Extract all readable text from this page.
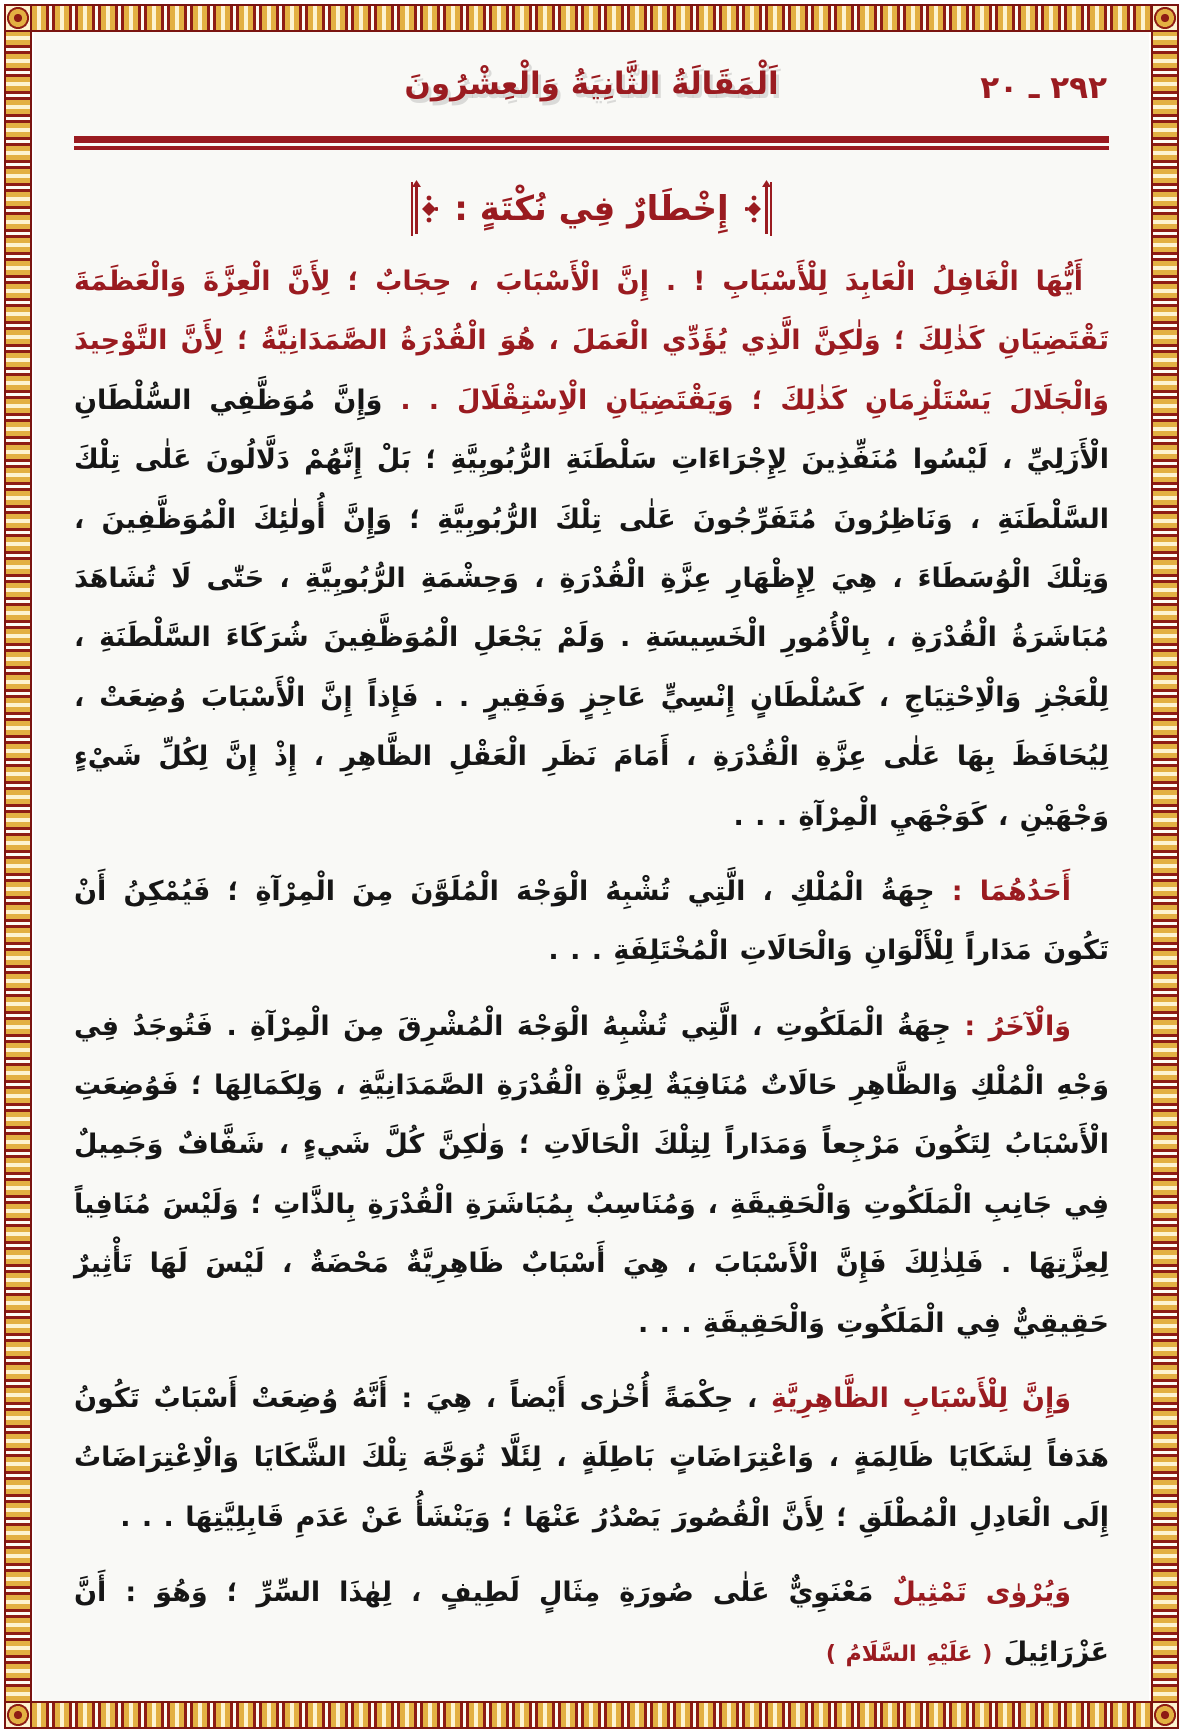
٢٩٢ ـ ٢٠
اَلْمَقَالَةُ الثَّانِيَةُ وَالْعِشْرُونَ
إِخْطَارٌ فِي نُكْتَةٍ :

أَيُّهَا الْغَافِلُ الْعَابِدَ لِلْأَسْبَابِ ! . إِنَّ الْأَسْبَابَ ، حِجَابٌ ؛ لِأَنَّ الْعِزَّةَ وَالْعَظَمَةَ تَقْتَضِيَانِ كَذٰلِكَ ؛ وَلٰكِنَّ الَّذِي يُؤَدِّي الْعَمَلَ ، هُوَ الْقُدْرَةُ الصَّمَدَانِيَّةُ ؛ لِأَنَّ التَّوْحِيدَ وَالْجَلَالَ يَسْتَلْزِمَانِ كَذٰلِكَ ؛ وَيَقْتَضِيَانِ الْاِسْتِقْلَالَ . . وَإِنَّ مُوَظَّفِي السُّلْطَانِ الْأَزَلِيِّ ، لَيْسُوا مُنَفِّذِينَ لِإِجْرَاءَاتِ سَلْطَنَةِ الرُّبُوبِيَّةِ ؛ بَلْ إِنَّهُمْ دَلَّالُونَ عَلٰى تِلْكَ السَّلْطَنَةِ ، وَنَاظِرُونَ مُتَفَرِّجُونَ عَلٰى تِلْكَ الرُّبُوبِيَّةِ ؛ وَإِنَّ أُولٰئِكَ الْمُوَظَّفِينَ ، وَتِلْكَ الْوُسَطَاءَ ، هِيَ لِإِظْهَارِ عِزَّةِ الْقُدْرَةِ ، وَحِشْمَةِ الرُّبُوبِيَّةِ ، حَتّٰى لَا تُشَاهَدَ مُبَاشَرَةُ الْقُدْرَةِ ، بِالْأُمُورِ الْخَسِيسَةِ . وَلَمْ يَجْعَلِ الْمُوَظَّفِينَ شُرَكَاءَ السَّلْطَنَةِ ، لِلْعَجْزِ وَالْاِحْتِيَاجِ ، كَسُلْطَانٍ إِنْسِيٍّ عَاجِزٍ وَفَقِيرٍ . . فَإِذاً إِنَّ الْأَسْبَابَ وُضِعَتْ ، لِيُحَافَظَ بِهَا عَلٰى عِزَّةِ الْقُدْرَةِ ، أَمَامَ نَظَرِ الْعَقْلِ الظَّاهِرِ ، إِذْ إِنَّ لِكُلِّ شَيْءٍ وَجْهَيْنِ ، كَوَجْهَيِ الْمِرْآةِ . . .

أَحَدُهُمَا : جِهَةُ الْمُلْكِ ، الَّتِي تُشْبِهُ الْوَجْهَ الْمُلَوَّنَ مِنَ الْمِرْآةِ ؛ فَيُمْكِنُ أَنْ تَكُونَ مَدَاراً لِلْأَلْوَانِ وَالْحَالَاتِ الْمُخْتَلِفَةِ . . .

وَالْآخَرُ : جِهَةُ الْمَلَكُوتِ ، الَّتِي تُشْبِهُ الْوَجْهَ الْمُشْرِقَ مِنَ الْمِرْآةِ . فَتُوجَدُ فِي وَجْهِ الْمُلْكِ وَالظَّاهِرِ حَالَاتٌ مُنَافِيَةٌ لِعِزَّةِ الْقُدْرَةِ الصَّمَدَانِيَّةِ ، وَلِكَمَالِهَا ؛ فَوُضِعَتِ الْأَسْبَابُ لِتَكُونَ مَرْجِعاً وَمَدَاراً لِتِلْكَ الْحَالَاتِ ؛ وَلٰكِنَّ كُلَّ شَيءٍ ، شَفَّافٌ وَجَمِيلٌ فِي جَانِبِ الْمَلَكُوتِ وَالْحَقِيقَةِ ، وَمُنَاسِبٌ بِمُبَاشَرَةِ الْقُدْرَةِ بِالذَّاتِ ؛ وَلَيْسَ مُنَافِياً لِعِزَّتِهَا . فَلِذٰلِكَ فَإِنَّ الْأَسْبَابَ ، هِيَ أَسْبَابٌ ظَاهِرِيَّةٌ مَحْضَةٌ ، لَيْسَ لَهَا تَأْثِيرٌ حَقِيقِيٌّ فِي الْمَلَكُوتِ وَالْحَقِيقَةِ . . .

وَإِنَّ لِلْأَسْبَابِ الظَّاهِرِيَّةِ ، حِكْمَةً أُخْرٰى أَيْضاً ، هِيَ : أَنَّهُ وُضِعَتْ أَسْبَابٌ تَكُونُ هَدَفاً لِشَكَايَا ظَالِمَةٍ ، وَاعْتِرَاضَاتٍ بَاطِلَةٍ ، لِئَلَّا تُوَجَّهَ تِلْكَ الشَّكَايَا وَالْاِعْتِرَاضَاتُ إِلَى الْعَادِلِ الْمُطْلَقِ ؛ لِأَنَّ الْقُصُورَ يَصْدُرُ عَنْهَا ؛ وَيَنْشَأُ عَنْ عَدَمِ قَابِلِيَّتِهَا . . .

وَيُرْوٰى تَمْثِيلٌ مَعْنَوِيٌّ عَلٰى صُورَةِ مِثَالٍ لَطِيفٍ ، لِهٰذَا السِّرِّ ؛ وَهُوَ : أَنَّ عَزْرَائِيلَ ( عَلَيْهِ السَّلَامُ )
